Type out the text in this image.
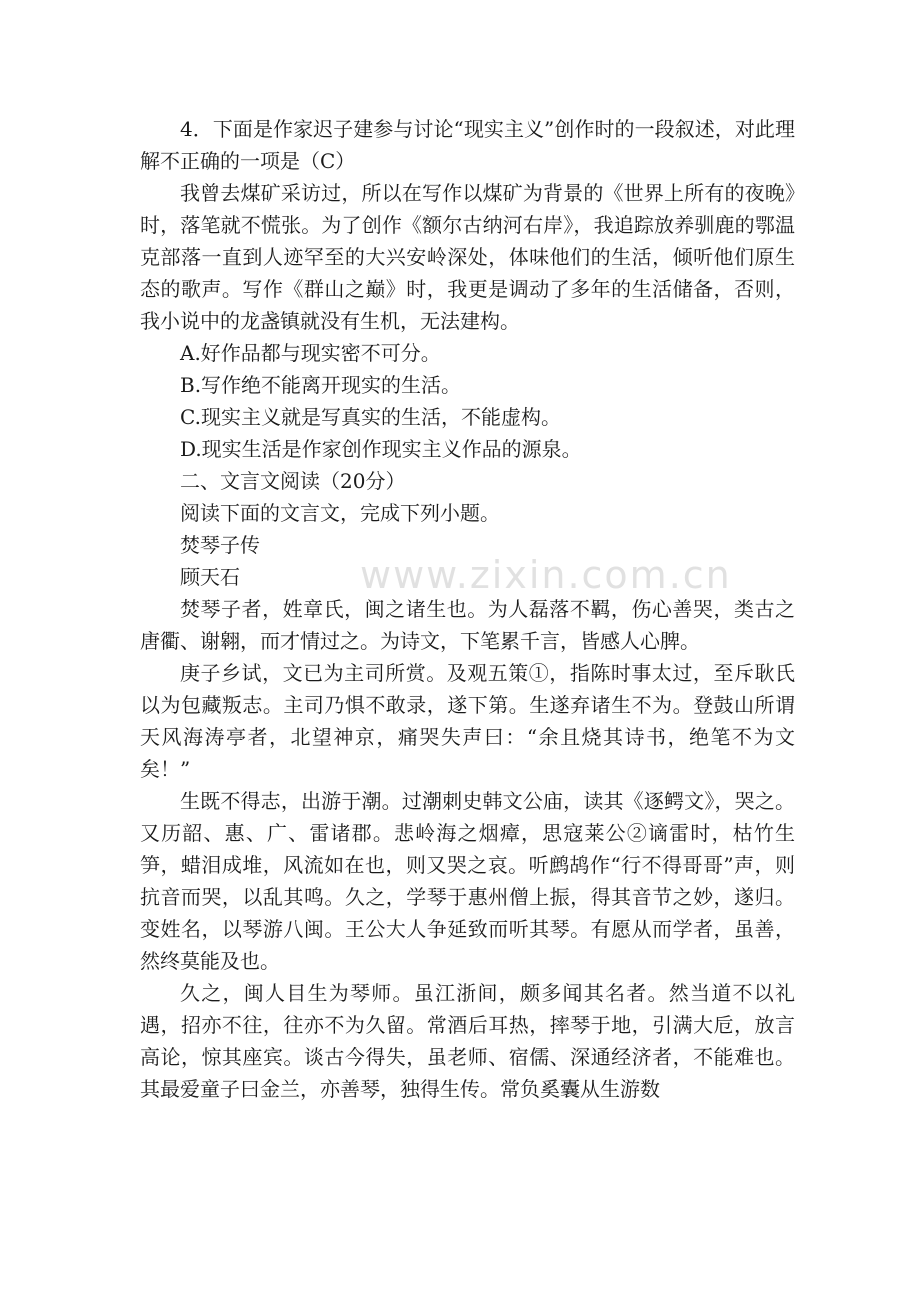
www.zixin.com.cn

4．下面是作家迟子建参与讨论“现实主义”创作时的一段叙述，对此理解不正确的一项是（C）

我曾去煤矿采访过，所以在写作以煤矿为背景的《世界上所有的夜晚》时，落笔就不慌张。为了创作《额尔古纳河右岸》，我追踪放养驯鹿的鄂温克部落一直到人迹罕至的大兴安岭深处，体味他们的生活，倾听他们原生态的歌声。写作《群山之巅》时，我更是调动了多年的生活储备，否则，我小说中的龙盏镇就没有生机，无法建构。

A.好作品都与现实密不可分。

B.写作绝不能离开现实的生活。

C.现实主义就是写真实的生活，不能虚构。

D.现实生活是作家创作现实主义作品的源泉。

二、文言文阅读（20分）

阅读下面的文言文，完成下列小题。

焚琴子传

顾天石

焚琴子者，姓章氏，闽之诸生也。为人磊落不羁，伤心善哭，类古之唐衢、谢翱，而才情过之。为诗文，下笔累千言，皆感人心脾。

庚子乡试，文已为主司所赏。及观五策①，指陈时事太过，至斥耿氏以为包藏叛志。主司乃惧不敢录，遂下第。生遂弃诸生不为。登鼓山所谓天风海涛亭者，北望神京，痛哭失声曰：“余且烧其诗书，绝笔不为文矣！”

生既不得志，出游于潮。过潮刺史韩文公庙，读其《逐鳄文》，哭之。又历韶、惠、广、雷诸郡。悲岭海之烟瘴，思寇莱公②谪雷时，枯竹生笋，蜡泪成堆，风流如在也，则又哭之哀。听鹧鸪作“行不得哥哥”声，则抗音而哭，以乱其鸣。久之，学琴于惠州僧上振，得其音节之妙，遂归。变姓名，以琴游八闽。王公大人争延致而听其琴。有愿从而学者，虽善，然终莫能及也。

久之，闽人目生为琴师。虽江浙间，颇多闻其名者。然当道不以礼遇，招亦不往，往亦不为久留。常酒后耳热，摔琴于地，引满大卮，放言高论，惊其座宾。谈古今得失，虽老师、宿儒、深通经济者，不能难也。其最爱童子曰金兰，亦善琴，独得生传。常负奚囊从生游数
